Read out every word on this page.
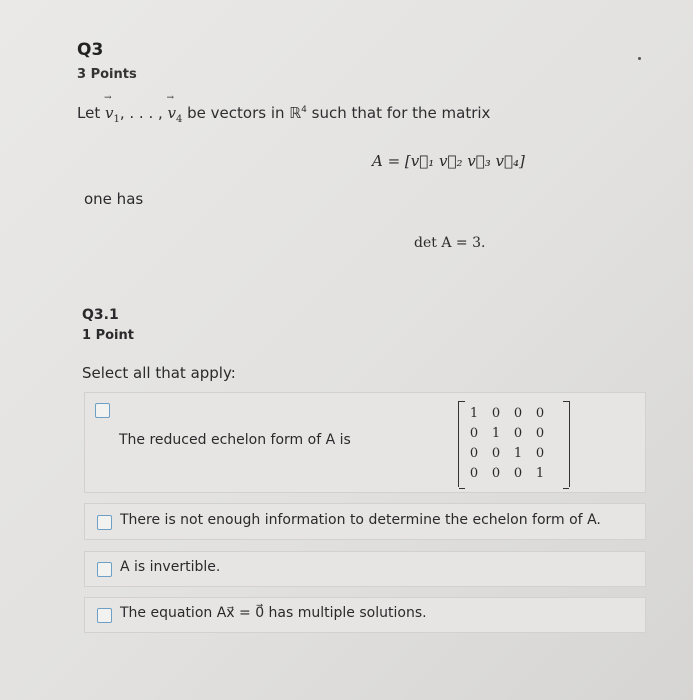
Q3
3 Points
Let → $v_1$, . . . , → $v_4$ be vectors in ℝ$^4$ such that for the matrix
A = [v⃗₁ v⃗₂ v⃗₃ v⃗₄]
one has
det A = 3.
Q3.1
1 Point
Select all that apply:
The reduced echelon form of A is
1	0	0	0
0	1	0	0
0	0	1	0
0	0	0	1
There is not enough information to determine the echelon form of A.
A is invertible.
The equation Ax⃗ = 0⃗ has multiple solutions.
